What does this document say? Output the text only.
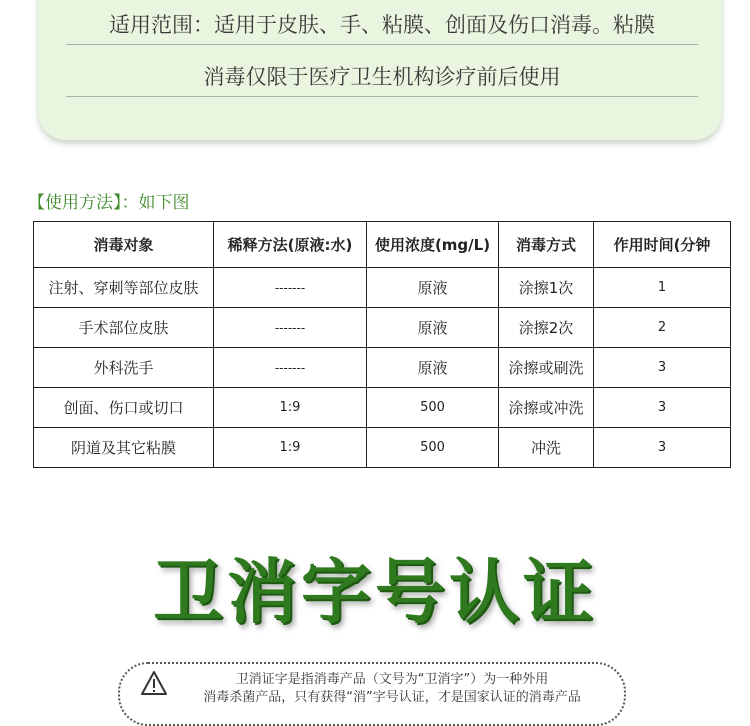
适用范围：适用于皮肤、手、粘膜、创面及伤口消毒。粘膜
消毒仅限于医疗卫生机构诊疗前后使用
【使用方法】：如下图
消毒对象	稀释方法(原液:水)	使用浓度(mg/L)	消毒方式	作用时间(分钟
注射、穿刺等部位皮肤	-------	原液	涂擦1次	1
手术部位皮肤	-------	原液	涂擦2次	2
外科洗手	-------	原液	涂擦或刷洗	3
创面、伤口或切口	1:9	500	涂擦或冲洗	3
阴道及其它粘膜	1:9	500	冲洗	3
卫消字号认证
卫消证字是指消毒产品（文号为“卫消字”）为一种外用
消毒杀菌产品，只有获得“消”字号认证，才是国家认证的消毒产品
